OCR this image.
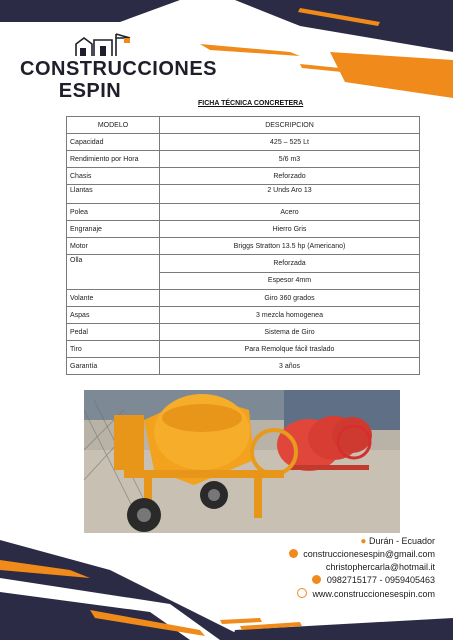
CONSTRUCCIONES
ESPIN
FICHA TÉCNICA CONCRETERA
MODELO	DESCRIPCION
Capacidad	425 – 525 Lt
Rendimiento por Hora	5/6 m3
Chasis	Reforzado
Llantas	2 Unds Aro 13
Polea	Acero
Engranaje	Hierro Gris
Motor	Briggs Stratton 13.5 hp (Americano)
Olla	Reforzada
Espesor 4mm

Volante	Giro 360 grados
Aspas	3 mezcla homogenea
Pedal	Sistema de Giro
Tiro	Para Remolque fácil traslado
Garantía	3 años
● Durán - Ecuador
construccionesespin@gmail.com
christophercarla@hotmail.it
0982715177 - 0959405463
www.construccionesespin.com
